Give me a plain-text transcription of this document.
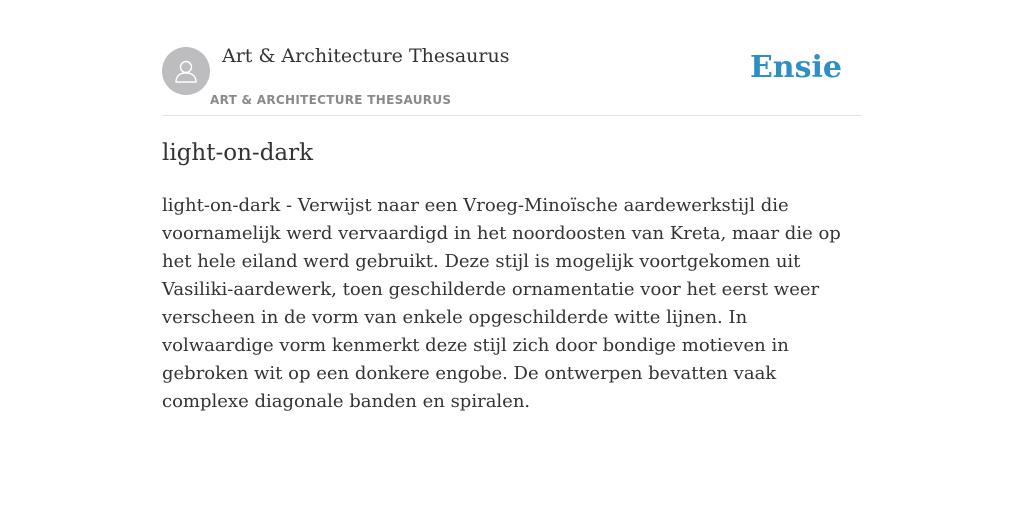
Art & Architecture Thesaurus
ART & ARCHITECTURE THESAURUS
Ensie
light-on-dark

light-on-dark - Verwijst naar een Vroeg-Minoïsche aardewerkstijl die voornamelijk werd vervaardigd in het noordoosten van Kreta, maar die op het hele eiland werd gebruikt. Deze stijl is mogelijk voortgekomen uit Vasiliki-aardewerk, toen geschilderde ornamentatie voor het eerst weer verscheen in de vorm van enkele opgeschilderde witte lijnen. In volwaardige vorm kenmerkt deze stijl zich door bondige motieven in gebroken wit op een donkere engobe. De ontwerpen bevatten vaak complexe diagonale banden en spiralen.
